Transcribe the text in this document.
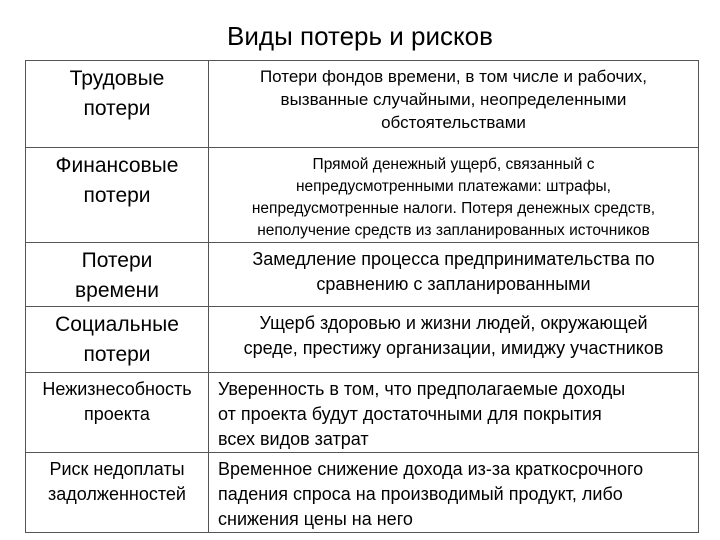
Виды потерь и рисков
Трудовые
потери	Потери фондов времени, в том числе и рабочих,
вызванные случайными, неопределенными
обстоятельствами

Финансовые
потери	Прямой денежный ущерб, связанный с
непредусмотренными платежами: штрафы,
непредусмотренные налоги. Потеря денежных средств,
неполучение средств из запланированных источников

Потери
времени	Замедление процесса предпринимательства по
сравнению с запланированными

Социальные
потери	Ущерб здоровью и жизни людей, окружающей
среде, престижу организации, имиджу участников

Нежизнесобность
проекта	Уверенность в том, что предполагаемые доходы
от проекта будут достаточными для покрытия
всех видов затрат

Риск недоплаты
задолженностей	Временное снижение дохода из-за краткосрочного
падения спроса на производимый продукт, либо
снижения цены на него
